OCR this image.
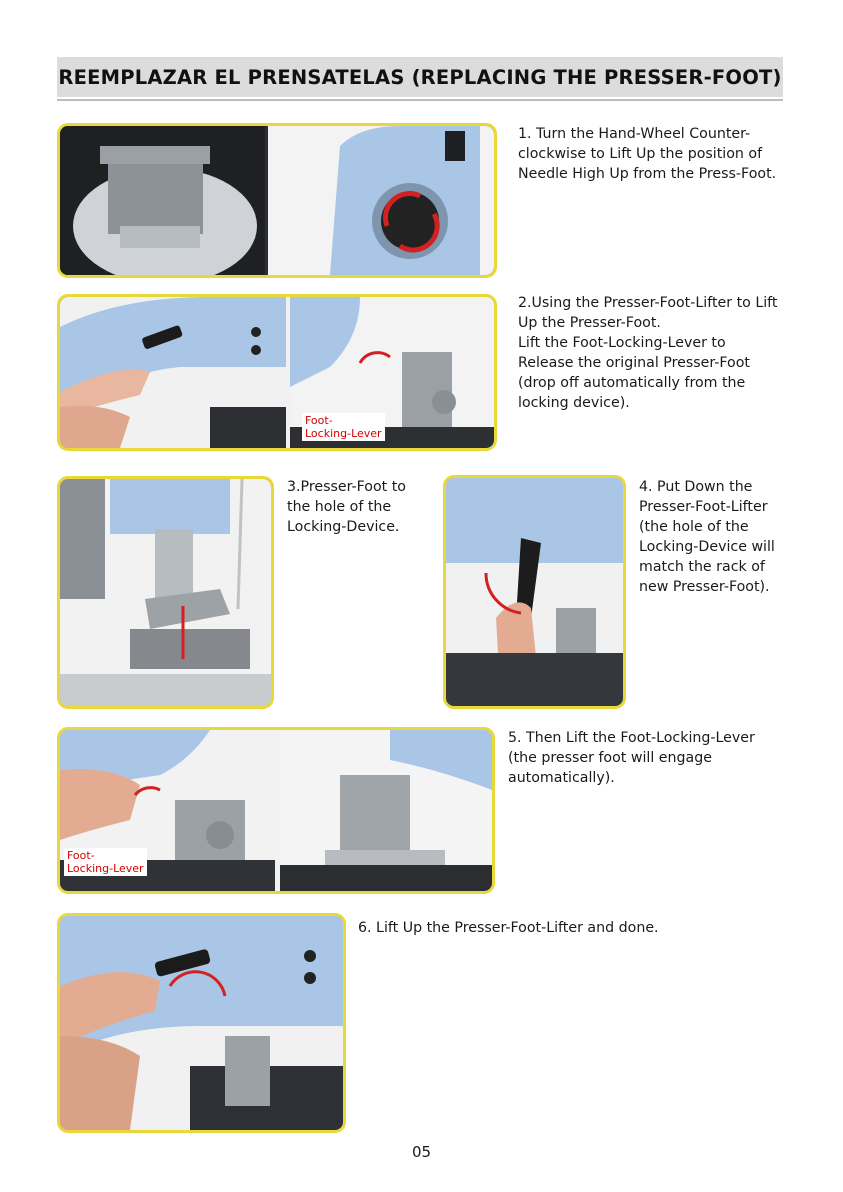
REEMPLAZAR EL PRENSATELAS (REPLACING THE PRESSER-FOOT)
1. Turn the Hand-Wheel Counter-
clockwise to Lift Up the position of
Needle High Up from the Press-Foot.
Foot-
Locking-Lever
2.Using the Presser-Foot-Lifter to Lift
Up the Presser-Foot.
Lift the Foot-Locking-Lever to
Release the original Presser-Foot
(drop off automatically from the
locking device).
3.Presser-Foot to
the hole of the
Locking-Device.
4. Put Down the
Presser-Foot-Lifter
(the hole of the
Locking-Device will
match the rack of
new Presser-Foot).
Foot-
Locking-Lever
5. Then Lift the Foot-Locking-Lever
(the presser foot will engage
automatically).
6. Lift Up the Presser-Foot-Lifter and done.
05
